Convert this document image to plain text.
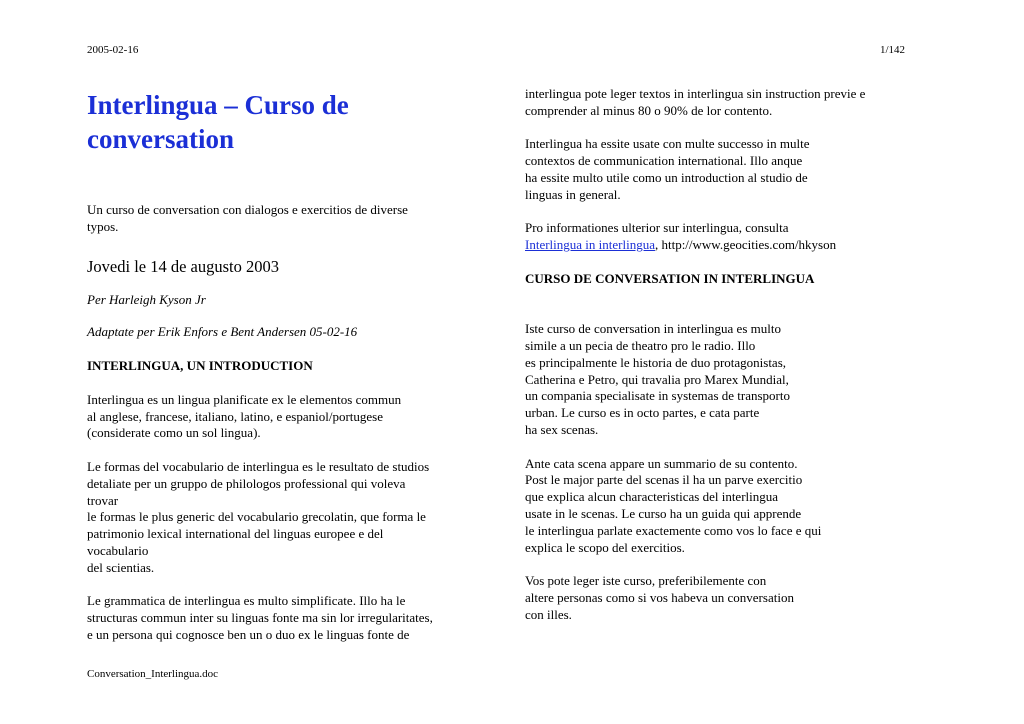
2005-02-16	1/142
Interlingua – Curso de conversation
Un curso de conversation con dialogos e exercitios de diverse
typos.
Jovedi le 14 de augusto 2003
Per Harleigh Kyson Jr
Adaptate per Erik Enfors e Bent Andersen 05-02-16
INTERLINGUA, UN INTRODUCTION
Interlingua es un lingua planificate ex le elementos commun
al anglese, francese, italiano, latino, e espaniol/portugese
(considerate como un sol lingua).
Le formas del vocabulario de interlingua es le resultato de studios
detaliate per un gruppo de philologos professional qui voleva
trovar
le formas le plus generic del vocabulario grecolatin, que forma le
patrimonio lexical international del linguas europee e del
vocabulario
del scientias.
Le grammatica de interlingua es multo simplificate. Illo ha le
structuras commun inter su linguas fonte ma sin lor irregularitates,
e un persona qui cognosce ben un o duo ex le linguas fonte de
interlingua pote leger textos in interlingua sin instruction previe e
comprender al minus 80 o 90% de lor contento.
Interlingua ha essite usate con multe successo in multe
contextos de communication international. Illo anque
ha essite multo utile como un introduction al studio de
linguas in general.
Pro informationes ulterior sur interlingua, consulta
Interlingua in interlingua, http://www.geocities.com/hkyson
CURSO DE CONVERSATION IN INTERLINGUA
Iste curso de conversation in interlingua es multo
simile a un pecia de theatro pro le radio. Illo
es principalmente le historia de duo protagonistas,
Catherina e Petro, qui travalia pro Marex Mundial,
un compania specialisate in systemas de transporto
urban. Le curso es in octo partes, e cata parte
ha sex scenas.
Ante cata scena appare un summario de su contento.
Post le major parte del scenas il ha un parve exercitio
que explica alcun characteristicas del interlingua
usate in le scenas. Le curso ha un guida qui apprende
le interlingua parlate exactemente como vos lo face e qui
explica le scopo del exercitios.
Vos pote leger iste curso, preferibilemente con
altere personas como si vos habeva un conversation
con illes.
Conversation_Interlingua.doc
